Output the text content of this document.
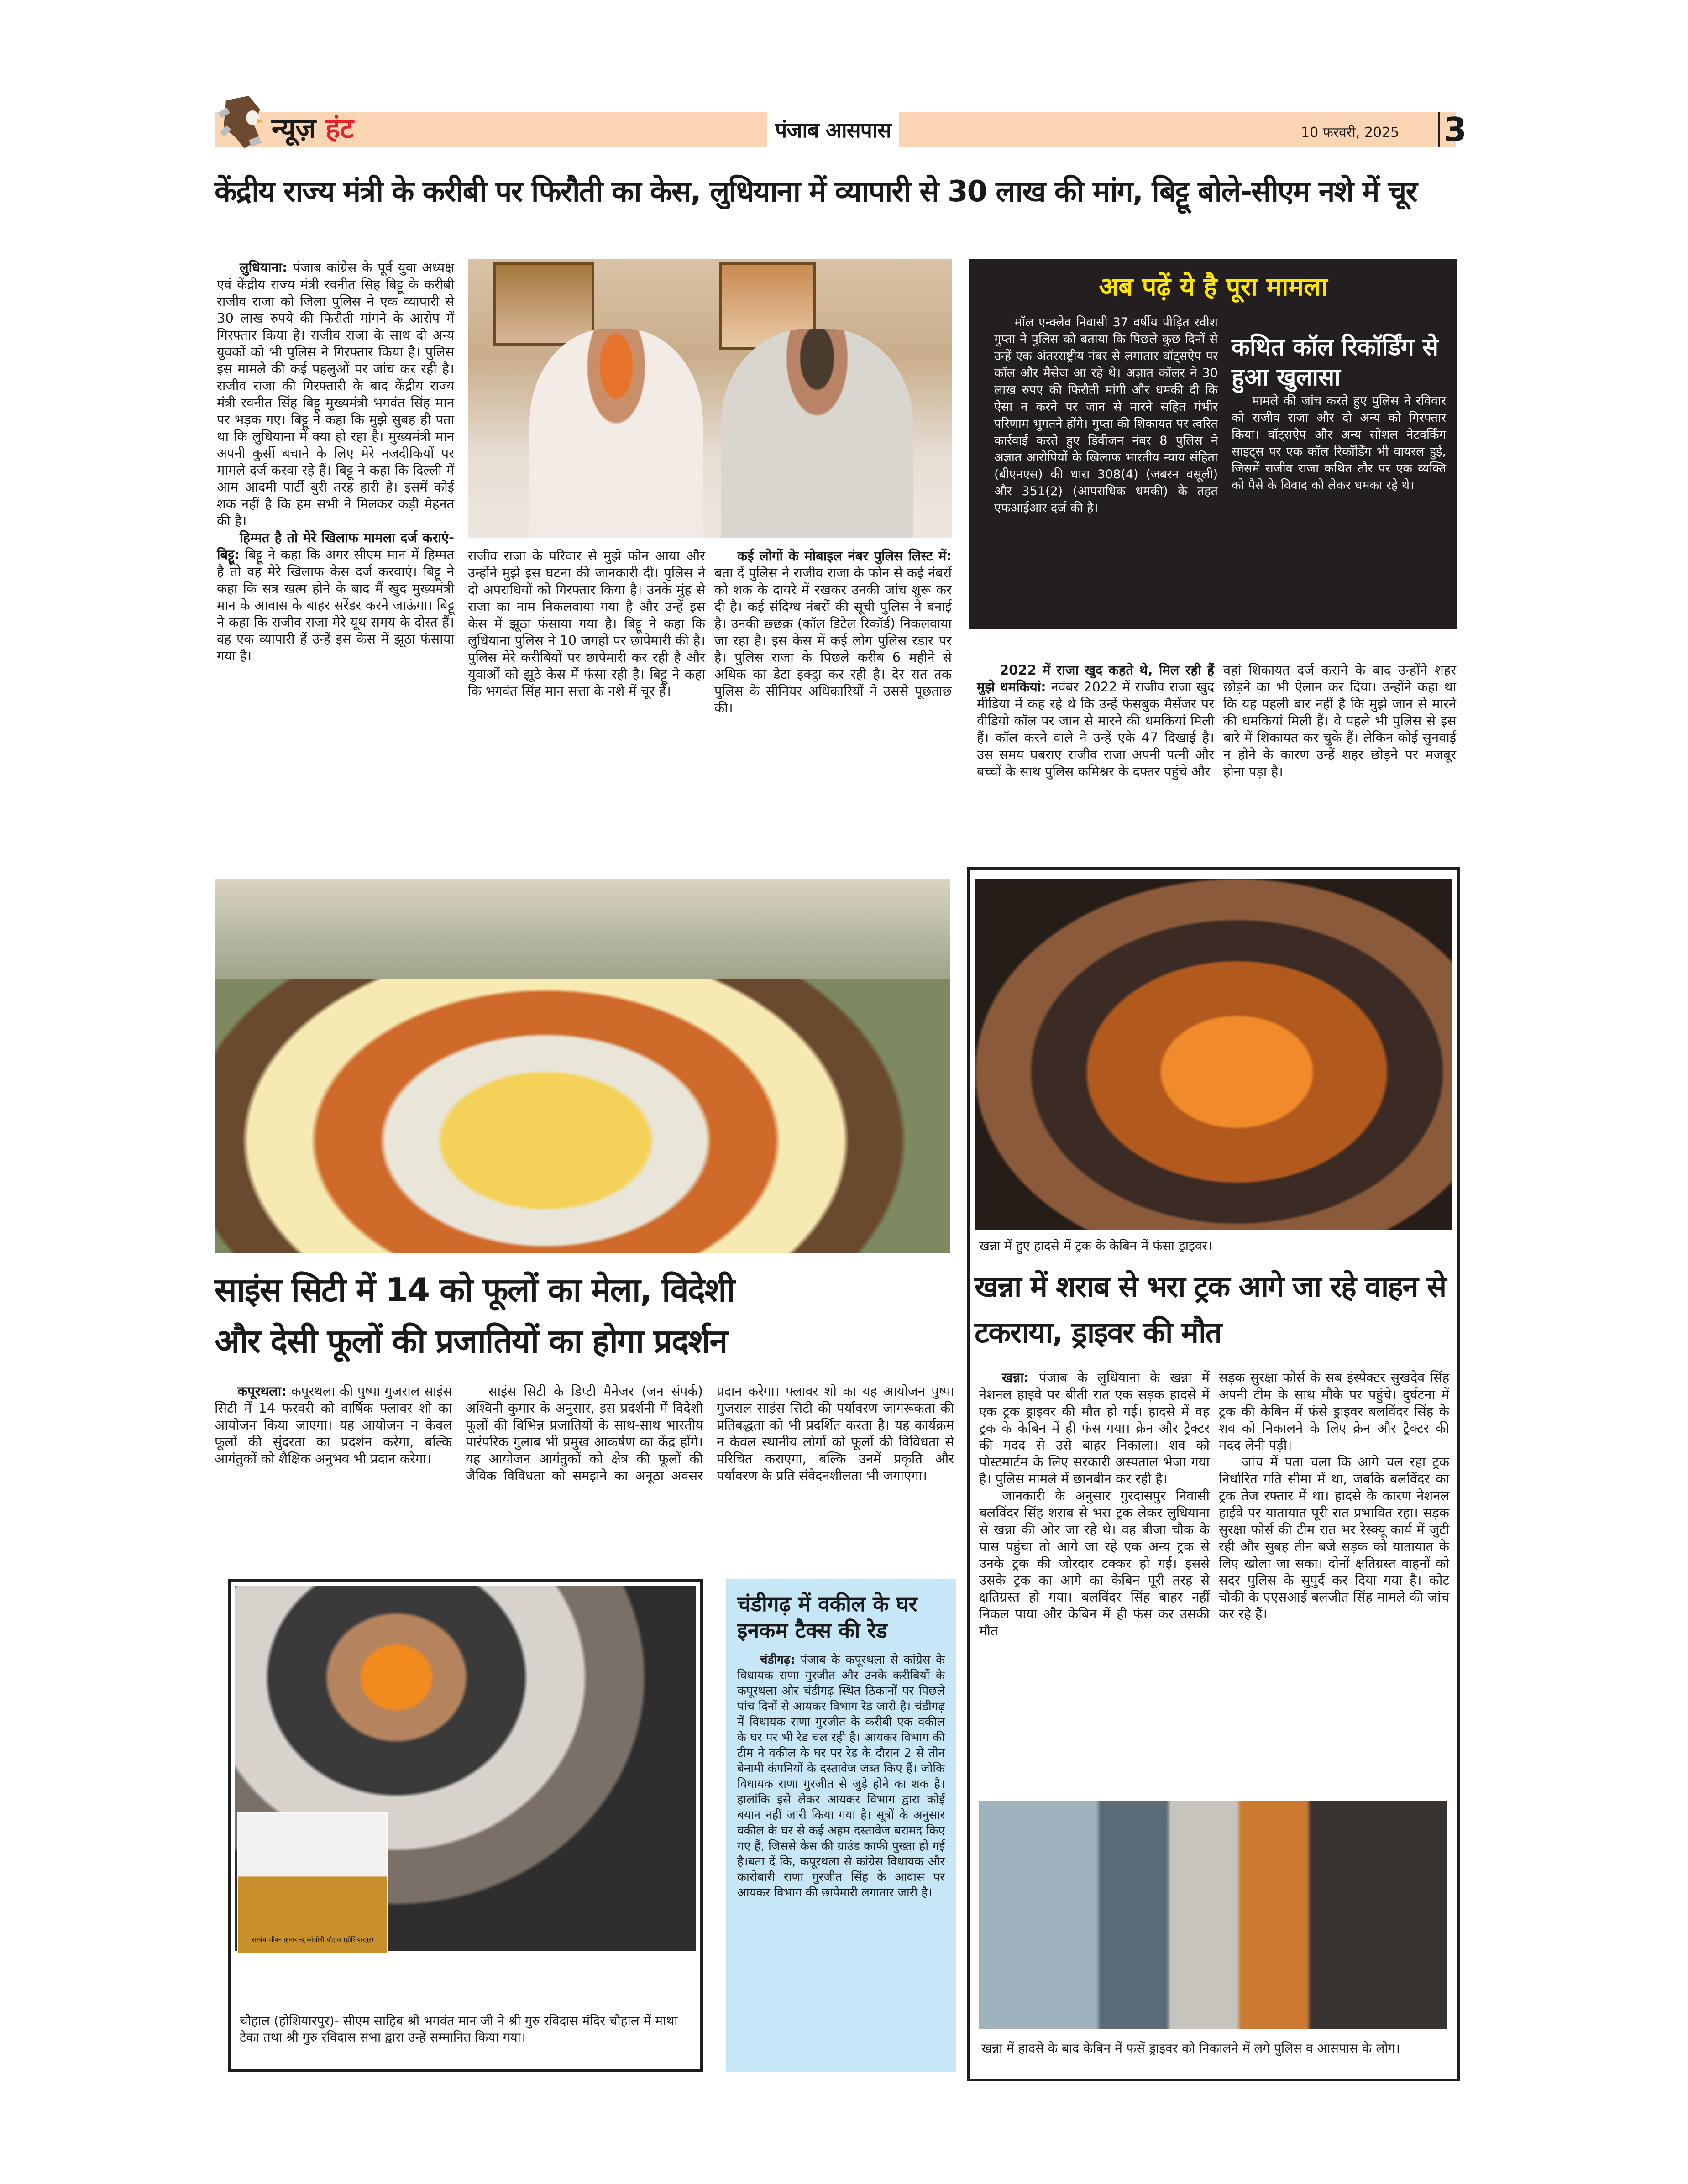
न्यूज़ हंट	पंजाब आसपास	10 फरवरी, 2025 3
केंद्रीय राज्य मंत्री के करीबी पर फिरौती का केस, लुधियाना में व्यापारी से 30 लाख की मांग, बिट्टू बोले-सीएम नशे में चूर

लुधियाना: पंजाब कांग्रेस के पूर्व युवा अध्यक्ष एवं केंद्रीय राज्य मंत्री रवनीत सिंह बिट्टू के करीबी राजीव राजा को जिला पुलिस ने एक व्यापारी से 30 लाख रुपये की फिरौती मांगने के आरोप में गिरफ्तार किया है। राजीव राजा के साथ दो अन्य युवकों को भी पुलिस ने गिरफ्तार किया है। पुलिस इस मामले की कई पहलुओं पर जांच कर रही है। राजीव राजा की गिरफ्तारी के बाद केंद्रीय राज्य मंत्री रवनीत सिंह बिट्टू मुख्यमंत्री भगवंत सिंह मान पर भड़क गए। बिट्टू ने कहा कि मुझे सुबह ही पता था कि लुधियाना में क्या हो रहा है। मुख्यमंत्री मान अपनी कुर्सी बचाने के लिए मेरे नजदीकियों पर मामले दर्ज करवा रहे हैं। बिट्टू ने कहा कि दिल्ली में आम आदमी पार्टी बुरी तरह हारी है। इसमें कोई शक नहीं है कि हम सभी ने मिलकर कड़ी मेहनत की है।

हिम्मत है तो मेरे खिलाफ मामला दर्ज कराएं- बिट्टू: बिट्टू ने कहा कि अगर सीएम मान में हिम्मत है तो वह मेरे खिलाफ केस दर्ज करवाएं। बिट्टू ने कहा कि सत्र खत्म होने के बाद मैं खुद मुख्यमंत्री मान के आवास के बाहर सरेंडर करने जाऊंगा। बिट्टू ने कहा कि राजीव राजा मेरे यूथ समय के दोस्त हैं। वह एक व्यापारी हैं उन्हें इस केस में झूठा फंसाया गया है।

राजीव राजा के परिवार से मुझे फोन आया और उन्होंने मुझे इस घटना की जानकारी दी। पुलिस ने दो अपराधियों को गिरफ्तार किया है। उनके मुंह से राजा का नाम निकलवाया गया है और उन्हें इस केस में झूठा फंसाया गया है। बिट्टू ने कहा कि लुधियाना पुलिस ने 10 जगहों पर छापेमारी की है। पुलिस मेरे करीबियों पर छापेमारी कर रही है और युवाओं को झूठे केस में फंसा रही है। बिट्टू ने कहा कि भगवंत सिंह मान सत्ता के नशे में चूर हैं।

कई लोगों के मोबाइल नंबर पुलिस लिस्ट में: बता दें पुलिस ने राजीव राजा के फोन से कई नंबरों को शक के दायरे में रखकर उनकी जांच शुरू कर दी है। कई संदिग्ध नंबरों की सूची पुलिस ने बनाई है। उनकी छ्छक्र (कॉल डिटेल रिकॉर्ड) निकलवाया जा रहा है। इस केस में कई लोग पुलिस रडार पर है। पुलिस राजा के पिछले करीब 6 महीने से अधिक का डेटा इक्ट्ठा कर रही है। देर रात तक पुलिस के सीनियर अधिकारियों ने उससे पूछताछ की।

अब पढ़ें ये है पूरा मामला
मॉल एन्क्लेव निवासी 37 वर्षीय पीड़ित रवीश गुप्ता ने पुलिस को बताया कि पिछले कुछ दिनों से उन्हें एक अंतरराष्ट्रीय नंबर से लगातार वॉट्सऐप पर कॉल और मैसेज आ रहे थे। अज्ञात कॉलर ने 30 लाख रुपए की फिरौती मांगी और धमकी दी कि ऐसा न करने पर जान से मारने सहित गंभीर परिणाम भुगतने होंगे। गुप्ता की शिकायत पर त्वरित कार्रवाई करते हुए डिवीजन नंबर 8 पुलिस ने अज्ञात आरोपियों के खिलाफ भारतीय न्याय संहिता (बीएनएस) की धारा 308(4) (जबरन वसूली) और 351(2) (आपराधिक धमकी) के तहत एफआईआर दर्ज की है।
कथित कॉल रिकॉर्डिंग से हुआ खुलासा
मामले की जांच करते हुए पुलिस ने रविवार को राजीव राजा और दो अन्य को गिरफ्तार किया। वॉट्सऐप और अन्य सोशल नेटवर्किंग साइट्स पर एक कॉल रिकॉर्डिंग भी वायरल हुई, जिसमें राजीव राजा कथित तौर पर एक व्यक्ति को पैसे के विवाद को लेकर धमका रहे थे।

2022 में राजा खुद कहते थे, मिल रही हैं मुझे धमकियां: नवंबर 2022 में राजीव राजा खुद मीडिया में कह रहे थे कि उन्हें फेसबुक मैसेंजर पर वीडियो कॉल पर जान से मारने की धमकियां मिली हैं। कॉल करने वाले ने उन्हें एके 47 दिखाई है। उस समय घबराए राजीव राजा अपनी पत्नी और बच्चों के साथ पुलिस कमिश्नर के दफ्तर पहुंचे और

वहां शिकायत दर्ज कराने के बाद उन्होंने शहर छोड़ने का भी ऐलान कर दिया। उन्होंने कहा था कि यह पहली बार नहीं है कि मुझे जान से मारने की धमकियां मिली हैं। वे पहले भी पुलिस से इस बारे में शिकायत कर चुके हैं। लेकिन कोई सुनवाई न होने के कारण उन्हें शहर छोड़ने पर मजबूर होना पड़ा है।

साइंस सिटी में 14 को फूलों का मेला, विदेशी
और देसी फूलों की प्रजातियों का होगा प्रदर्शन

कपूरथला: कपूरथला की पुष्पा गुजराल साइंस सिटी में 14 फरवरी को वार्षिक फ्लावर शो का आयोजन किया जाएगा। यह आयोजन न केवल फूलों की सुंदरता का प्रदर्शन करेगा, बल्कि आगंतुकों को शैक्षिक अनुभव भी प्रदान करेगा।

साइंस सिटी के डिप्टी मैनेजर (जन संपर्क) अश्विनी कुमार के अनुसार, इस प्रदर्शनी में विदेशी फूलों की विभिन्न प्रजातियों के साथ-साथ भारतीय पारंपरिक गुलाब भी प्रमुख आकर्षण का केंद्र होंगे। यह आयोजन आगंतुकों को क्षेत्र की फूलों की जैविक विविधता को समझने का अनूठा अवसर प्रदान करेगा। फ्लावर शो का यह आयोजन पुष्पा गुजराल साइंस सिटी की पर्यावरण जागरूकता की प्रतिबद्धता को भी प्रदर्शित करता है। यह कार्यक्रम न केवल स्थानीय लोगों को फूलों की विविधता से परिचित कराएगा, बल्कि उनमें प्रकृति और पर्यावरण के प्रति संवेदनशीलता भी जगाएगा।

खन्ना में हुए हादसे में ट्रक के केबिन में फंसा ड्राइवर।
खन्ना में शराब से भरा ट्रक आगे जा रहे वाहन से टकराया, ड्राइवर की मौत

खन्ना: पंजाब के लुधियाना के खन्ना में नेशनल हाइवे पर बीती रात एक सड़क हादसे में एक ट्रक ड्राइवर की मौत हो गई। हादसे में वह ट्रक के केबिन में ही फंस गया। क्रेन और ट्रैक्टर की मदद से उसे बाहर निकाला। शव को पोस्टमार्टम के लिए सरकारी अस्पताल भेजा गया है। पुलिस मामले में छानबीन कर रही है।

जानकारी के अनुसार गुरदासपुर निवासी बलविंदर सिंह शराब से भरा ट्रक लेकर लुधियाना से खन्ना की ओर जा रहे थे। वह बीजा चौक के पास पहुंचा तो आगे जा रहे एक अन्य ट्रक से उनके ट्रक की जोरदार टक्कर हो गई। इससे उसके ट्रक का आगे का केबिन पूरी तरह से क्षतिग्रस्त हो गया। बलविंदर सिंह बाहर नहीं निकल पाया और केबिन में ही फंस कर उसकी मौत

सड़क सुरक्षा फोर्स के सब इंस्पेक्टर सुखदेव सिंह अपनी टीम के साथ मौके पर पहुंचे। दुर्घटना में ट्रक की केबिन में फंसे ड्राइवर बलविंदर सिंह के शव को निकालने के लिए क्रेन और ट्रैक्टर की मदद लेनी पड़ी।

जांच में पता चला कि आगे चल रहा ट्रक निर्धारित गति सीमा में था, जबकि बलविंदर का ट्रक तेज रफ्तार में था। हादसे के कारण नेशनल हाईवे पर यातायात पूरी रात प्रभावित रहा। सड़क सुरक्षा फोर्स की टीम रात भर रेस्क्यू कार्य में जुटी रही और सुबह तीन बजे सड़क को यातायात के लिए खोला जा सका। दोनों क्षतिग्रस्त वाहनों को सदर पुलिस के सुपुर्द कर दिया गया है। कोट चौकी के एएसआई बलजीत सिंह मामले की जांच कर रहे हैं।

खन्ना में हादसे के बाद केबिन में फसें ड्राइवर को निकालने में लगे पुलिस व आसपास के लोग।
सरपंच जीवन कुमार न्यू कॉलोनी चौहाल (होशियारपुर)
चौहाल (होशियारपुर)- सीएम साहिब श्री भगवंत मान जी ने श्री गुरु रविदास मंदिर चौहाल में माथा टेका तथा श्री गुरु रविदास सभा द्वारा उन्हें सम्मानित किया गया।
चंडीगढ़ में वकील के घर इनकम टैक्स की रेड

चंडीगढ़: पंजाब के कपूरथला से कांग्रेस के विधायक राणा गुरजीत और उनके करीबियों के कपूरथला और चंडीगढ़ स्थित ठिकानों पर पिछले पांच दिनों से आयकर विभाग रेड जारी है। चंडीगढ़ में विधायक राणा गुरजीत के करीबी एक वकील के घर पर भी रेड चल रही है। आयकर विभाग की टीम ने वकील के घर पर रेड के दौरान 2 से तीन बेनामी कंपनियों के दस्तावेज जब्त किए हैं। जोकि विधायक राणा गुरजीत से जुड़े होने का शक है। हालांकि इसे लेकर आयकर विभाग द्वारा कोई बयान नहीं जारी किया गया है। सूत्रों के अनुसार वकील के घर से कई अहम दस्तावेज बरामद किए गए हैं, जिससे केस की ग्राउंड काफी पुख्ता हो गई है।बता दें कि, कपूरथला से कांग्रेस विधायक और कारोबारी राणा गुरजीत सिंह के आवास पर आयकर विभाग की छापेमारी लगातार जारी है।
